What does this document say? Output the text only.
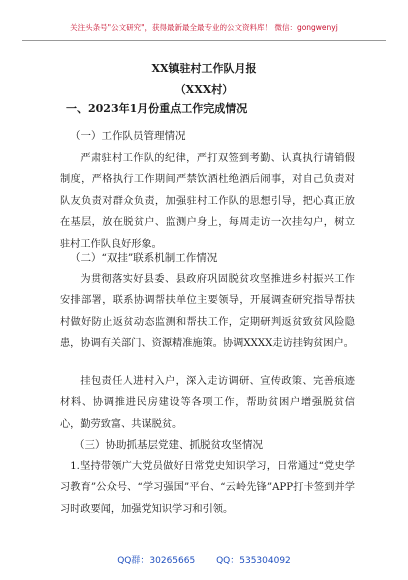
关注头条号"公文研究"，获得最新最全最专业的公文资料库！ 微信：gongwenyj
XX镇驻村工作队月报
（XXX村）
一、2023年1月份重点工作完成情况
（一）工作队员管理情况
严肃驻村工作队的纪律，严打双签到考勤、认真执行请销假制度，严格执行工作期间严禁饮酒杜绝酒后闹事，对自己负责对队友负责对群众负责，加强驻村工作队的思想引导，把心真正放在基层，放在脱贫户、监测户身上，每周走访一次挂勾户，树立驻村工作队良好形象。
（二）“双挂”联系机制工作情况
为贯彻落实好县委、县政府巩固脱贫攻坚推进乡村振兴工作安排部署，联系协调帮扶单位主要领导，开展调查研究指导帮扶村做好防止返贫动态监测和帮扶工作，定期研判返贫致贫风险隐患，协调有关部门、资源精准施策。协调XXXX走访挂钩贫困户。
挂包责任人进村入户，深入走访调研、宣传政策、完善痕迹材料、协调推进民房建设等各项工作，帮助贫困户增强脱贫信心，勤劳致富、共谋脱贫。
（三）协助抓基层党建、抓脱贫攻坚情况
1.坚持带领广大党员做好日常党史知识学习，日常通过“党史学习教育”公众号、“学习强国”平台、“云岭先锋”APP打卡签到并学习时政要闻，加强党知识学习和引领。
QQ群：30265665 QQ：535304092
